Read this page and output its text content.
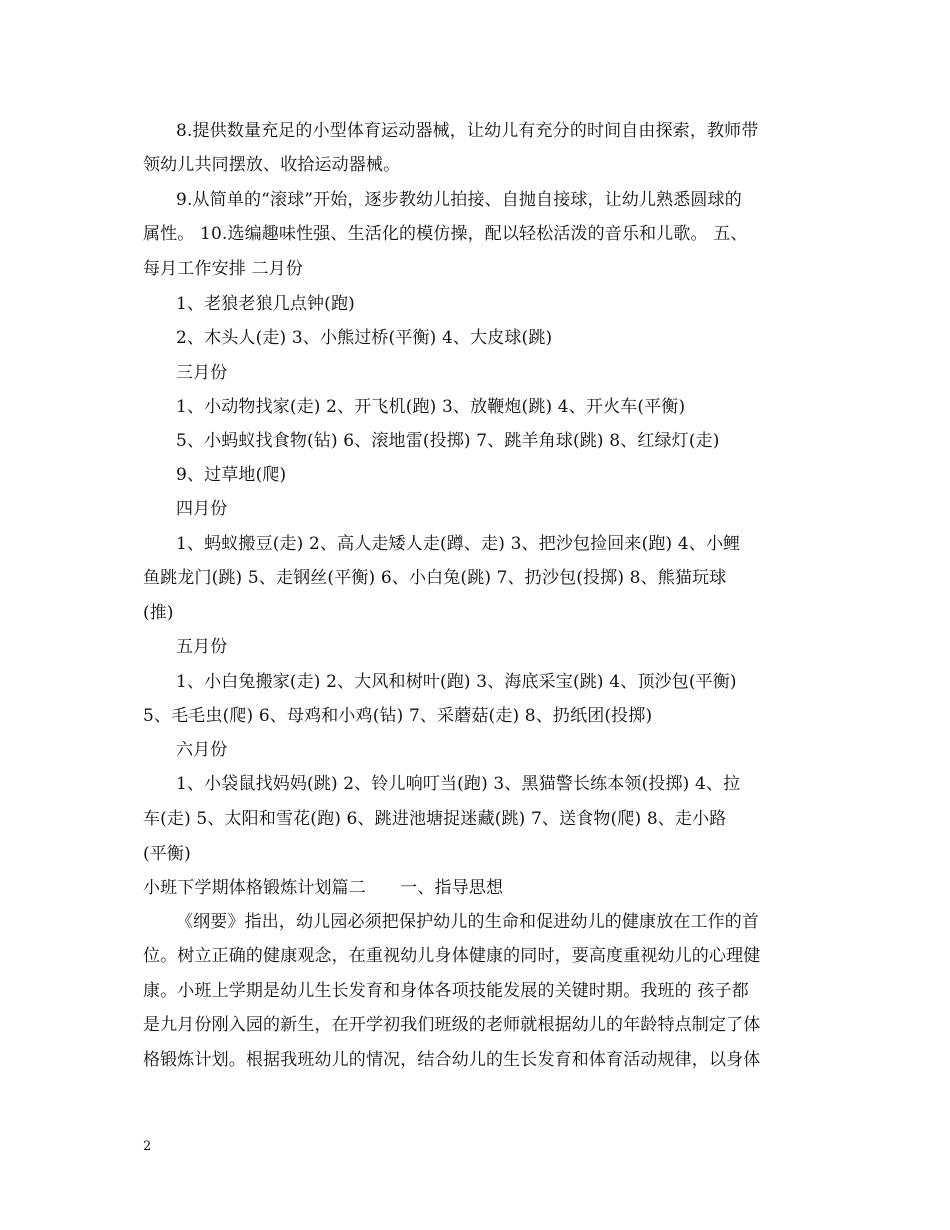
8.提供数量充足的小型体育运动器械，让幼儿有充分的时间自由探索，教师带
领幼儿共同摆放、收拾运动器械。
9.从简单的“滚球”开始，逐步教幼儿拍接、自抛自接球，让幼儿熟悉圆球的
属性。 10.选编趣味性强、生活化的模仿操，配以轻松活泼的音乐和儿歌。 五、
每月工作安排 二月份
1、老狼老狼几点钟(跑)
2、木头人(走) 3、小熊过桥(平衡) 4、大皮球(跳)
三月份
1、小动物找家(走) 2、开飞机(跑) 3、放鞭炮(跳) 4、开火车(平衡)
5、小蚂蚁找食物(钻) 6、滚地雷(投掷) 7、跳羊角球(跳) 8、红绿灯(走)
9、过草地(爬)
四月份
1、蚂蚁搬豆(走) 2、高人走矮人走(蹲、走) 3、把沙包捡回来(跑) 4、小鲤
鱼跳龙门(跳) 5、走钢丝(平衡) 6、小白兔(跳) 7、扔沙包(投掷) 8、熊猫玩球
(推)
五月份
1、小白兔搬家(走) 2、大风和树叶(跑) 3、海底采宝(跳) 4、顶沙包(平衡)
5、毛毛虫(爬) 6、母鸡和小鸡(钻) 7、采蘑菇(走) 8、扔纸团(投掷)
六月份
1、小袋鼠找妈妈(跳) 2、铃儿响叮当(跑) 3、黑猫警长练本领(投掷) 4、拉
车(走) 5、太阳和雪花(跑) 6、跳进池塘捉迷藏(跳) 7、送食物(爬) 8、走小路
(平衡)
小班下学期体格锻炼计划篇二　　一、指导思想
《纲要》指出，幼儿园必须把保护幼儿的生命和促进幼儿的健康放在工作的首
位。树立正确的健康观念，在重视幼儿身体健康的同时，要高度重视幼儿的心理健
康。小班上学期是幼儿生长发育和身体各项技能发展的关键时期。我班的 孩子都
是九月份刚入园的新生，在开学初我们班级的老师就根据幼儿的年龄特点制定了体
格锻炼计划。根据我班幼儿的情况，结合幼儿的生长发育和体育活动规律，以身体
2
